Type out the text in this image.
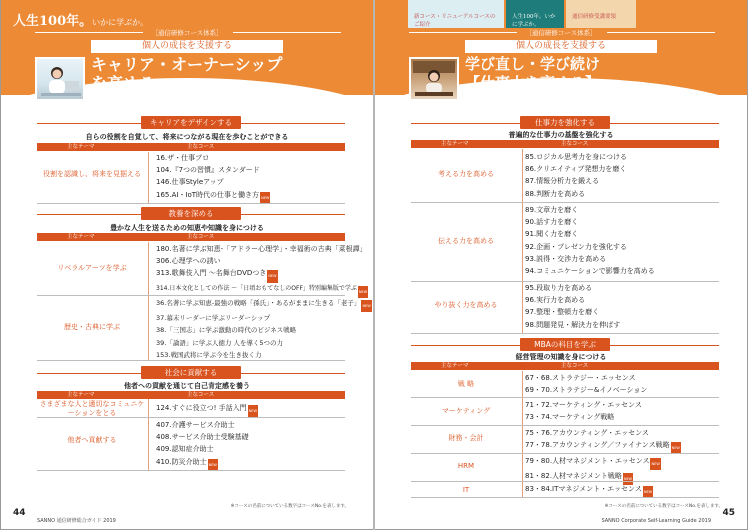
人生100年。いかに学ぶか。
［通信研修コース体系］
個人の成長を支援する
キャリア・オーナーシップ
を高める
キャリアをデザインする
自らの役割を自覚して、将来につながる現在を歩むことができる
主なテーマ	主なコース
役割を認識し、将来を見据える
16.ザ・仕事プロ
104.『7つの習慣』スタンダード
146.仕事Styleアップ
165.AI・IoT時代の仕事と働き方 NEW
教養を深める
豊かな人生を送るための知恵や知識を身につける
主なテーマ	主なコース
リベラルアーツを学ぶ
180.名著に学ぶ知恵-「アドラー心理学」・幸福術の古典「菜根譚」
306.心理学への誘い
313.歌舞伎入門 ～名舞台DVDつき NEW
314.日本文化としての作法 ～「日頃おもてなしのOFF」特別編集版で学ぶ NEW
歴史・古典に学ぶ
36.名著に学ぶ知恵-最強の戦略「孫氏」・あるがままに生きる「老子」 NEW
37.幕末リーダーに学ぶリーダーシップ
38.「三国志」に学ぶ激動の時代のビジネス戦略
39.「論語」に学ぶ人徳力 人を導く5つの力
153.戦国武将に学ぶ今を生き抜く力
社会に貢献する
他者への貢献を通じて自己肯定感を養う
主なテーマ	主なコース
さまざまな人と適切なコミュニケーションをとる
124.すぐに役立つ! 手話入門 NEW
他者へ貢献する
407.介護サービス介助士
408.サービス介助士受験基礎
409.認知症介助士
410.防災介助士 NEW
※コースの名前についている数字はコースNo.を表します。
44
SANNO 通信研修総合ガイド 2019
新コース・リニューアルコースのご紹介
人生100年。いかに学ぶか。
通信研修受講要領
［通信研修コース体系］
個人の成長を支援する
学び直し・学び続け
【仕事力を高める】
仕事力を強化する
普遍的な仕事力の基盤を強化する
主なテーマ	主なコース
考える力を高める
85.ロジカル思考力を身につける
86.クリエイティブ発想力を磨く
87.情報分析力を鍛える
88.判断力を高める
伝える力を高める
89.文章力を磨く
90.話す力を磨く
91.聞く力を磨く
92.企画・プレゼン力を強化する
93.説得・交渉力を高める
94.コミュニケーションで影響力を高める
やり抜く力を高める
95.段取り力を高める
96.実行力を高める
97.整理・整頓力を磨く
98.問題発見・解決力を伸ばす
MBAの科目を学ぶ
経営管理の知識を身につける
主なテーマ	主なコース
戦 略
67・68.ストラテジー・エッセンス
69・70.ストラテジー&イノベーション
マーケティング
71・72.マーケティング・エッセンス
73・74.マーケティング戦略
財務・会計
75・76.アカウンティング・エッセンス
77・78.アカウンティング／ファイナンス戦略 NEW
HRM
79・80.人材マネジメント・エッセンス NEW
81・82.人材マネジメント戦略 NEW
IT	83・84.ITマネジメント・エッセンス NEW
※コースの名前についている数字はコースNo.を表します。
45
SANNO Corporate Self-Learning Guide 2019
